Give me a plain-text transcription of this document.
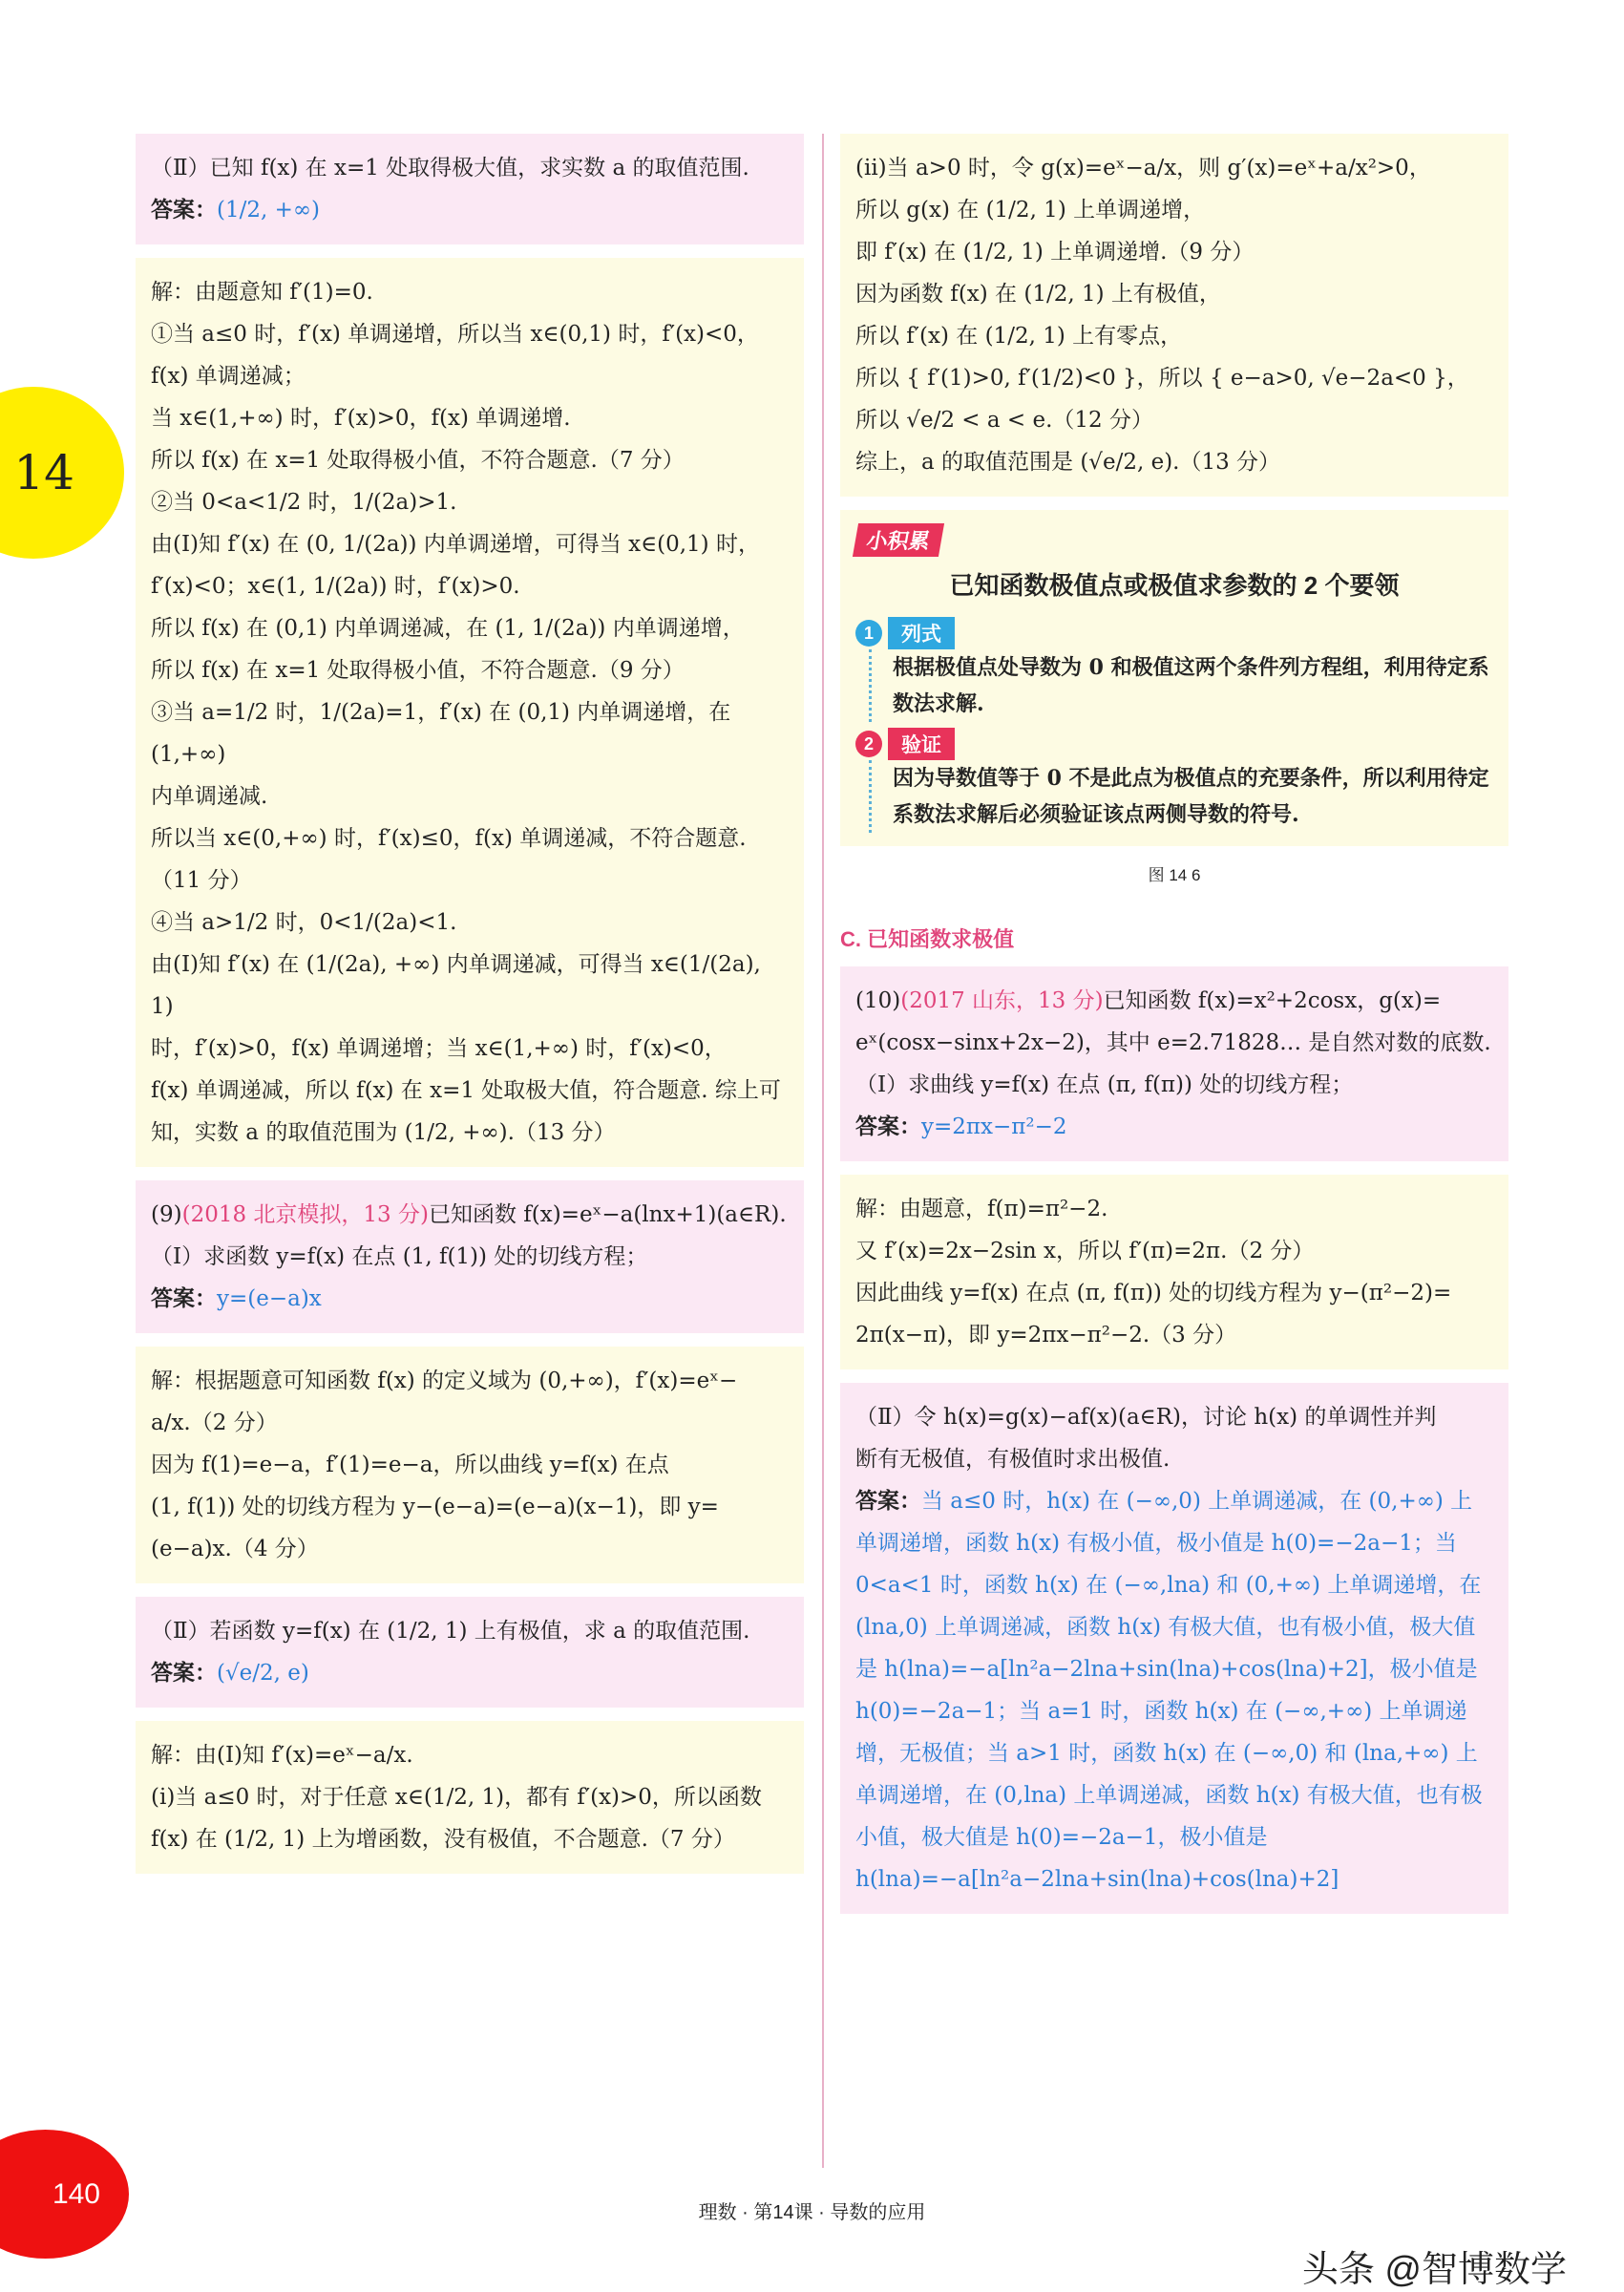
14
（Ⅱ）已知 f(x) 在 x=1 处取得极大值，求实数 a 的取值范围.
答案：(1/2, +∞)
解：由题意知 f′(1)=0.
①当 a≤0 时，f′(x) 单调递增，所以当 x∈(0,1) 时，f′(x)<0，
f(x) 单调递减；
当 x∈(1,+∞) 时，f′(x)>0，f(x) 单调递增.
所以 f(x) 在 x=1 处取得极小值，不符合题意.（7 分）
②当 0<a<1/2 时，1/(2a)>1.
由(Ⅰ)知 f′(x) 在 (0, 1/(2a)) 内单调递增，可得当 x∈(0,1) 时，
f′(x)<0；x∈(1, 1/(2a)) 时，f′(x)>0.
所以 f(x) 在 (0,1) 内单调递减，在 (1, 1/(2a)) 内单调递增，
所以 f(x) 在 x=1 处取得极小值，不符合题意.（9 分）
③当 a=1/2 时，1/(2a)=1，f′(x) 在 (0,1) 内单调递增，在 (1,+∞)
内单调递减.
所以当 x∈(0,+∞) 时，f′(x)≤0，f(x) 单调递减，不符合题意.
（11 分）
④当 a>1/2 时，0<1/(2a)<1.
由(Ⅰ)知 f′(x) 在 (1/(2a), +∞) 内单调递减，可得当 x∈(1/(2a), 1)
时，f′(x)>0，f(x) 单调递增；当 x∈(1,+∞) 时，f′(x)<0，
f(x) 单调递减，所以 f(x) 在 x=1 处取极大值，符合题意. 综上可
知，实数 a 的取值范围为 (1/2, +∞).（13 分）
(9)(2018 北京模拟，13 分)已知函数 f(x)=eˣ−a(lnx+1)(a∈R).
（Ⅰ）求函数 y=f(x) 在点 (1, f(1)) 处的切线方程；
答案：y=(e−a)x
解：根据题意可知函数 f(x) 的定义域为 (0,+∞)，f′(x)=eˣ−
a/x.（2 分）
因为 f(1)=e−a，f′(1)=e−a，所以曲线 y=f(x) 在点
(1, f(1)) 处的切线方程为 y−(e−a)=(e−a)(x−1)，即 y=
(e−a)x.（4 分）
（Ⅱ）若函数 y=f(x) 在 (1/2, 1) 上有极值，求 a 的取值范围.
答案：(√e/2, e)
解：由(Ⅰ)知 f′(x)=eˣ−a/x.
(ⅰ)当 a≤0 时，对于任意 x∈(1/2, 1)，都有 f′(x)>0，所以函数
f(x) 在 (1/2, 1) 上为增函数，没有极值，不合题意.（7 分）
(ⅱ)当 a>0 时，令 g(x)=eˣ−a/x，则 g′(x)=eˣ+a/x²>0，
所以 g(x) 在 (1/2, 1) 上单调递增，
即 f′(x) 在 (1/2, 1) 上单调递增.（9 分）
因为函数 f(x) 在 (1/2, 1) 上有极值，
所以 f′(x) 在 (1/2, 1) 上有零点，
所以 { f′(1)>0, f′(1/2)<0 }，所以 { e−a>0, √e−2a<0 }，
所以 √e/2 < a < e.（12 分）
综上，a 的取值范围是 (√e/2, e).（13 分）
小积累
已知函数极值点或极值求参数的 2 个要领
1	列式
根据极值点处导数为 0 和极值这两个条件列方程组，利用待定系数法求解.
2	验证
因为导数值等于 0 不是此点为极值点的充要条件，所以利用待定系数法求解后必须验证该点两侧导数的符号.
图 14 6
C. 已知函数求极值
(10)(2017 山东，13 分)已知函数 f(x)=x²+2cosx，g(x)=
eˣ(cosx−sinx+2x−2)，其中 e=2.71828… 是自然对数的底数.
（Ⅰ）求曲线 y=f(x) 在点 (π, f(π)) 处的切线方程；
答案：y=2πx−π²−2
解：由题意，f(π)=π²−2.
又 f′(x)=2x−2sin x，所以 f′(π)=2π.（2 分）
因此曲线 y=f(x) 在点 (π, f(π)) 处的切线方程为 y−(π²−2)=
2π(x−π)，即 y=2πx−π²−2.（3 分）
（Ⅱ）令 h(x)=g(x)−af(x)(a∈R)，讨论 h(x) 的单调性并判
断有无极值，有极值时求出极值.
答案：当 a≤0 时，h(x) 在 (−∞,0) 上单调递减，在 (0,+∞) 上单调递增，函数 h(x) 有极小值，极小值是 h(0)=−2a−1；当 0<a<1 时，函数 h(x) 在 (−∞,lna) 和 (0,+∞) 上单调递增，在 (lna,0) 上单调递减，函数 h(x) 有极大值，也有极小值，极大值是 h(lna)=−a[ln²a−2lna+sin(lna)+cos(lna)+2]，极小值是 h(0)=−2a−1；当 a=1 时，函数 h(x) 在 (−∞,+∞) 上单调递增，无极值；当 a>1 时，函数 h(x) 在 (−∞,0) 和 (lna,+∞) 上单调递增，在 (0,lna) 上单调递减，函数 h(x) 有极大值，也有极小值，极大值是 h(0)=−2a−1，极小值是 h(lna)=−a[ln²a−2lna+sin(lna)+cos(lna)+2]
140
理数 · 第14课 · 导数的应用
头条 @智博数学
